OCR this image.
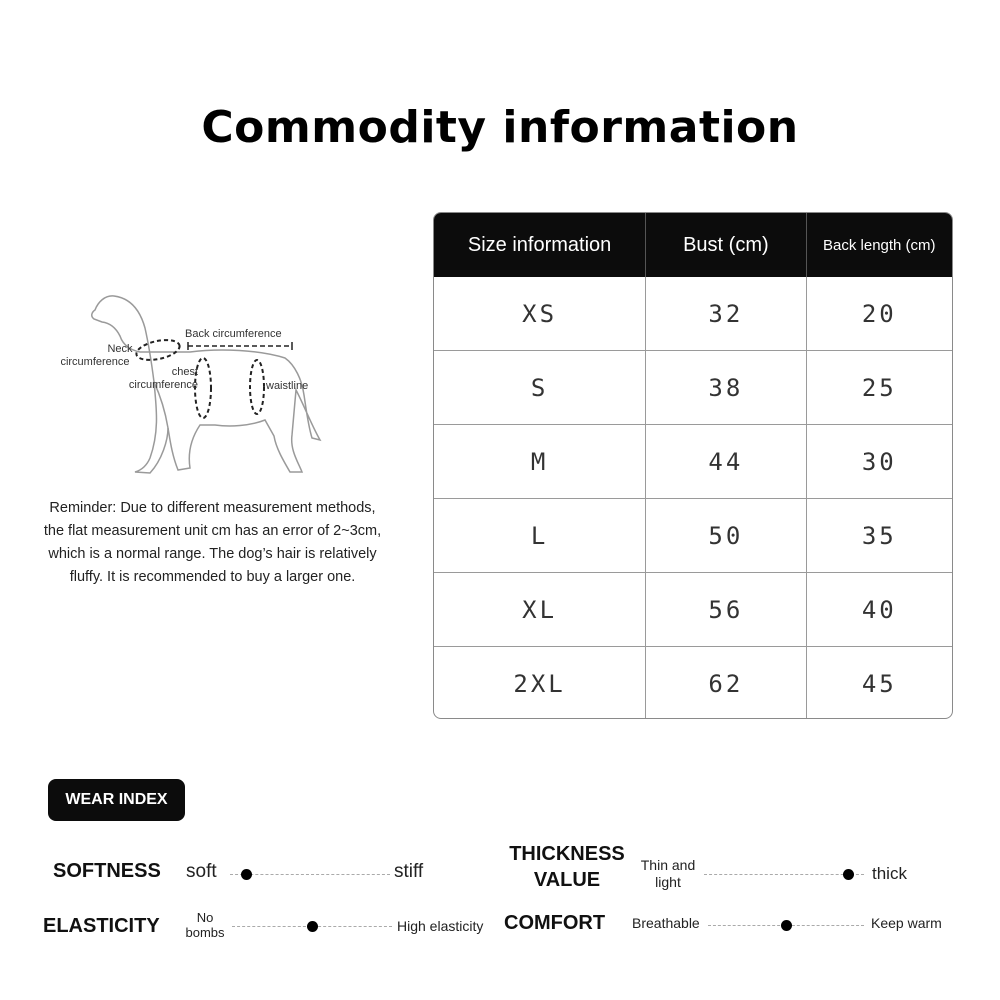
Commodity information
Back circumference
Neck
circumference
chest
circumference	waistline

Reminder: Due to different measurement methods, the flat measurement unit cm has an error of 2~3cm, which is a normal range. The dog’s hair is relatively fluffy. It is recommended to buy a larger one.

Size information	Bust (cm)	Back length (cm)
XS	32	20
S	38	25
M	44	30
L	50	35
XL	56	40
2XL	62	45
WEAR INDEX
SOFTNESS soft	stiff
ELASTICITY	No
bombs	High elasticity
THICKNESS
VALUE
Thin and
light	thick
COMFORT Breathable	Keep warm
